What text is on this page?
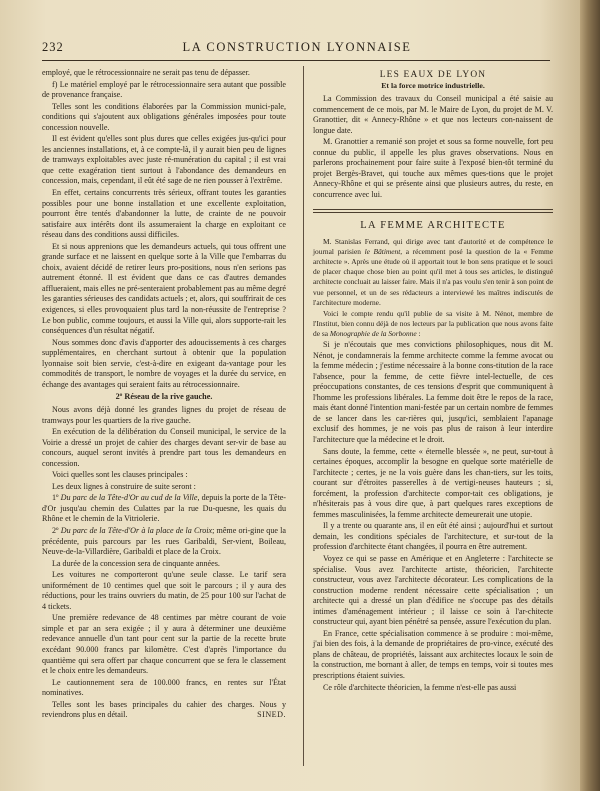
232	LA CONSTRUCTION LYONNAISE

employé, que le rétrocessionnaire ne serait pas tenu de dépasser.

f) Le matériel employé par le rétrocessionnaire sera autant que possible de provenance française.

Telles sont les conditions élaborées par la Commission munici-pale, conditions qui s'ajoutent aux obligations générales imposées pour toute concession nouvelle.

Il est évident qu'elles sont plus dures que celles exigées jus-qu'ici pour les anciennes installations, et, à ce compte-là, il y aurait bien peu de lignes de tramways exploitables avec juste ré-munération du capital ; il est vrai que cette exagération tient surtout à l'abondance des demandeurs en concession, mais, cependant, il eût été sage de ne rien pousser à l'extrême.

En effet, certains concurrents très sérieux, offrant toutes les garanties possibles pour une bonne installation et une excellente exploitation, pourront être tentés d'abandonner la lutte, de crainte de ne pouvoir satisfaire aux intérêts dont ils assumeraient la charge en exploitant ce réseau dans des conditions aussi difficiles.

Et si nous apprenions que les demandeurs actuels, qui tous offrent une grande surface et ne laissent en quelque sorte à la Ville que l'embarras du choix, avaient décidé de retirer leurs pro-positions, nous n'en serions pas autrement étonné. Il est évident que dans ce cas d'autres demandes afflueraient, mais elles ne pré-senteraient probablement pas au même degré les garanties sérieuses des candidats actuels ; et, alors, qui souffrirait de ces exigences, si elles provoquaient plus tard la non-réussite de l'entreprise ? Le bon public, comme toujours, et aussi la Ville qui, alors supporte-rait les conséquences d'un résultat négatif.

Nous sommes donc d'avis d'apporter des adoucissements à ces charges supplémentaires, en cherchant surtout à obtenir que la population lyonnaise soit bien servie, c'est-à-dire en exigeant da-vantage pour les commodités de transport, le nombre de voyages et la durée du service, en échange des avantages qui seraient faits au rétrocessionnaire.

2º Réseau de la rive gauche.

Nous avons déjà donné les grandes lignes du projet de réseau de tramways pour les quartiers de la rive gauche.

En exécution de la délibération du Conseil municipal, le service de la Voirie a dressé un projet de cahier des charges devant ser-vir de base au concours, auquel seront invités à prendre part tous les demandeurs en concession.

Voici quelles sont les clauses principales :

Les deux lignes à construire de suite seront :

1º Du parc de la Tête-d'Or au cud de la Ville, depuis la porte de la Tête-d'Or jusqu'au chemin des Culattes par la rue Du-quesne, les quais du Rhône et le chemin de la Vitriolerie.

2º Du parc de la Tête-d'Or à la place de la Croix; même ori-gine que la précédente, puis parcours par les rues Garibaldi, Ser-vient, Boileau, Neuve-de-la-Villardière, Garibaldi et place de la Croix.

La durée de la concession sera de cinquante années.

Les voitures ne comporteront qu'une seule classe. Le tarif sera uniformément de 10 centimes quel que soit le parcours ; il y aura des réductions, pour les trains ouvriers du matin, de 25 pour 100 sur l'achat de 4 tickets.

Une première redevance de 48 centimes par mètre courant de voie simple et par an sera exigée ; il y aura à déterminer une deuxième redevance annuelle d'un tant pour cent sur la partie de la recette brute excédant 90.000 francs par kilomètre. C'est d'après l'importance du quantième qui sera offert par chaque concurrent que se fera le classement et le choix entre les demandeurs.

Le cautionnement sera de 100.000 francs, en rentes sur l'État nominatives.

Telles sont les bases principales du cahier des charges. Nous y reviendrons plus en détail.	SINED.

LES EAUX DE LYON
Et la force motrice industrielle.

La Commission des travaux du Conseil municipal a été saisie au commencement de ce mois, par M. le Maire de Lyon, du projet de M. V. Granottier, dit « Annecy-Rhône » et que nos lecteurs con-naissent de longue date.

M. Granottier a remanié son projet et sous sa forme nouvelle, fort peu connue du public, il appelle les plus graves observations. Nous en parlerons prochainement pour faire suite à l'exposé bien-tôt terminé du projet Bergès-Bravet, qui touche aux mêmes ques-tions que le projet Annecy-Rhône et qui se présente ainsi que plusieurs autres, du reste, en concurrence avec lui.

LA FEMME ARCHITECTE

M. Stanislas Ferrand, qui dirige avec tant d'autorité et de compétence le journal parisien le Bâtiment, a récemment posé la question de la « Femme architecte ». Après une étude où il apportait tout le bon sens pratique et le souci de placer chaque chose bien au point qu'il met à tous ses articles, le distingué architecte concluait au laisser faire. Mais il n'a pas voulu s'en tenir à son point de vue personnel, et un de ses rédacteurs a interviewé les maîtres indiscutés de l'architecture moderne.

Voici le compte rendu qu'il publie de sa visite à M. Nénot, membre de l'Institut, bien connu déjà de nos lecteurs par la publication que nous avons faite de sa Monographie de la Sorbonne :

Si je n'écoutais que mes convictions philosophiques, nous dit M. Nénot, je condamnerais la femme architecte comme la femme avocat ou la femme médecin ; j'estime nécessaire à la bonne cons-titution de la race l'absence, pour la femme, de cette fièvre intel-lectuelle, de ces préoccupations constantes, de ces tensions d'esprit que communiquent à l'homme les professions libérales. La femme doit être le repos de la race, mais étant donné l'intention mani-festée par un certain nombre de femmes de se lancer dans les car-rières qui, jusqu'ici, semblaient l'apanage exclusif des hommes, je ne vois pas plus de raison à leur interdire l'architecture que la médecine et le droit.

Sans doute, la femme, cette « éternelle blessée », ne peut, sur-tout à certaines époques, accomplir la besogne en quelque sorte matérielle de l'architecte ; certes, je ne la vois guère dans les chan-tiers, sur les toits, courant sur d'étroites passerelles à de vertigi-neuses hauteurs ; si, forcément, la profession d'architecte compor-tait ces obligations, je n'hésiterais pas à vous dire que, à part quelques rares exceptions de femmes masculinisées, la femme architecte demeurerait une utopie.

Il y a trente ou quarante ans, il en eût été ainsi ; aujourd'hui et surtout demain, les conditions spéciales de l'architecture, et sur-tout de la profession d'architecte étant changées, il pourra en être autrement.

Voyez ce qui se passe en Amérique et en Angleterre : l'architecte se spécialise. Vous avez l'architecte artiste, théoricien, l'architecte constructeur, vous avez l'architecte décorateur. Les complications de la construction moderne rendent nécessaire cette spécialisation ; un architecte qui a dressé un plan d'édifice ne s'occupe pas des détails intimes d'aménagement intérieur ; il laisse ce soin à l'ar-chitecte constructeur qui, ayant bien pénétré sa pensée, assure l'exécution du plan.

En France, cette spécialisation commence à se produire : moi-même, j'ai bien des fois, à la demande de propriétaires de pro-vince, exécuté des plans de château, de propriétés, laissant aux architectes locaux le soin de la construction, me bornant à aller, de temps en temps, voir si toutes mes prescriptions étaient suivies.

Ce rôle d'architecte théoricien, la femme n'est-elle pas aussi
